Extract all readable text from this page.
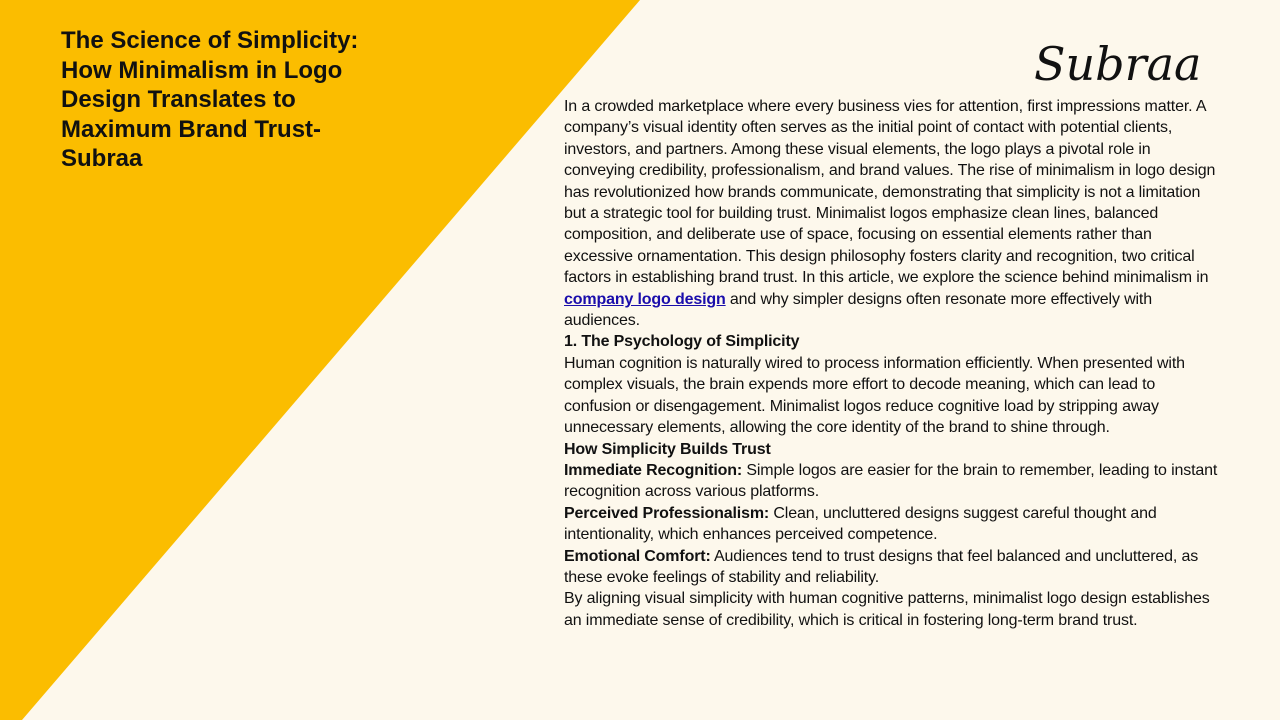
The Science of Simplicity: How Minimalism in Logo Design Translates to Maximum Brand Trust- Subraa
Subraa

In a crowded marketplace where every business vies for attention, first impressions matter. A company’s visual identity often serves as the initial point of contact with potential clients, investors, and partners. Among these visual elements, the logo plays a pivotal role in conveying credibility, professionalism, and brand values. The rise of minimalism in logo design has revolutionized how brands communicate, demonstrating that simplicity is not a limitation but a strategic tool for building trust. Minimalist logos emphasize clean lines, balanced composition, and deliberate use of space, focusing on essential elements rather than excessive ornamentation. This design philosophy fosters clarity and recognition, two critical factors in establishing brand trust. In this article, we explore the science behind minimalism in company logo design and why simpler designs often resonate more effectively with audiences.

1. The Psychology of Simplicity

Human cognition is naturally wired to process information efficiently. When presented with complex visuals, the brain expends more effort to decode meaning, which can lead to confusion or disengagement. Minimalist logos reduce cognitive load by stripping away unnecessary elements, allowing the core identity of the brand to shine through.

How Simplicity Builds Trust

Immediate Recognition: Simple logos are easier for the brain to remember, leading to instant recognition across various platforms.

Perceived Professionalism: Clean, uncluttered designs suggest careful thought and intentionality, which enhances perceived competence.

Emotional Comfort: Audiences tend to trust designs that feel balanced and uncluttered, as these evoke feelings of stability and reliability.

By aligning visual simplicity with human cognitive patterns, minimalist logo design establishes an immediate sense of credibility, which is critical in fostering long-term brand trust.
